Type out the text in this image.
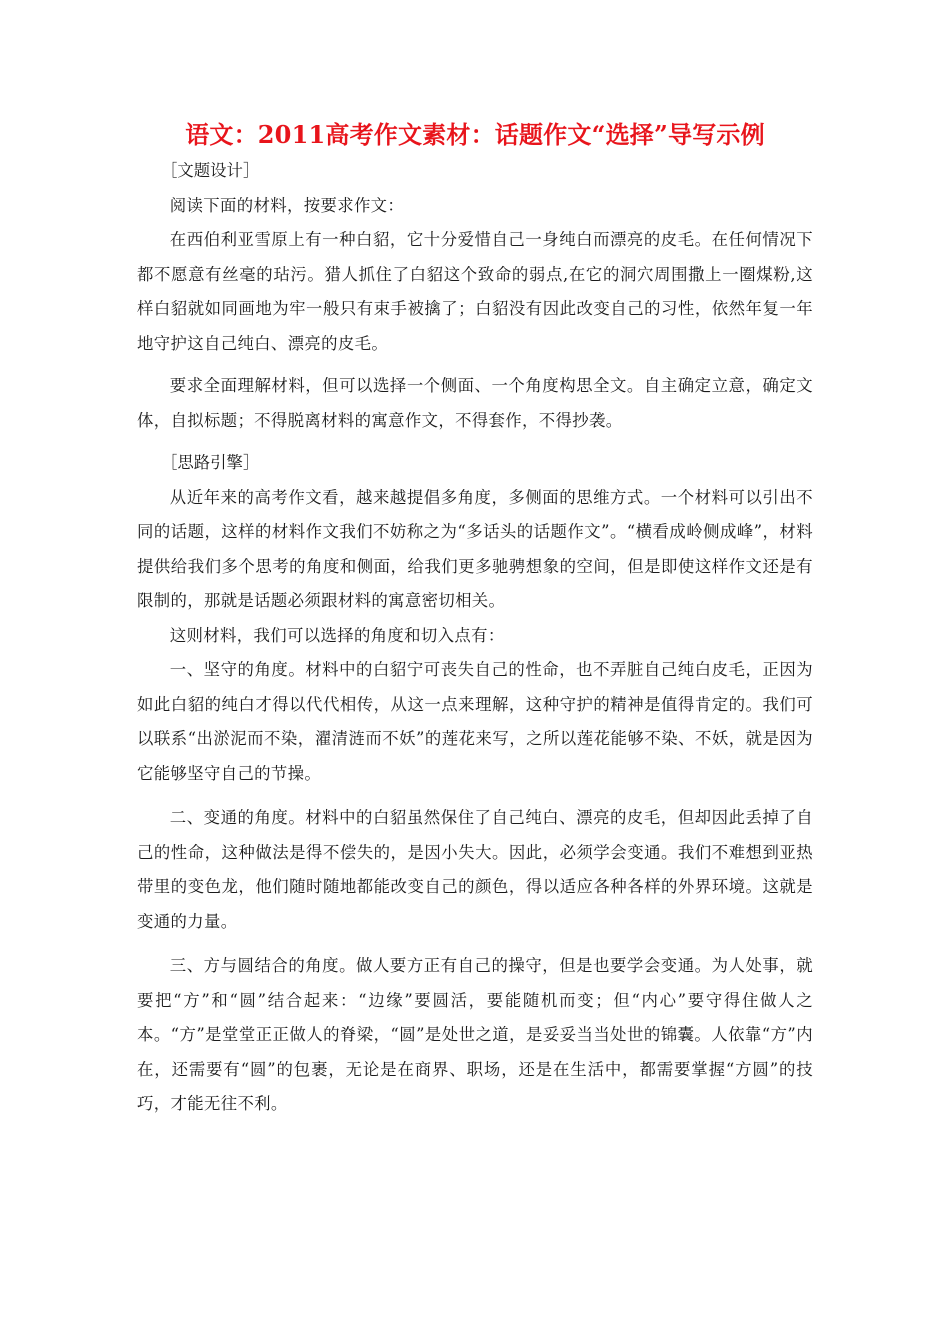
语文：2011高考作文素材：话题作文“选择”导写示例

［文题设计］

阅读下面的材料，按要求作文：

在西伯利亚雪原上有一种白貂，它十分爱惜自己一身纯白而漂亮的皮毛。在任何情况下都不愿意有丝毫的玷污。猎人抓住了白貂这个致命的弱点,在它的洞穴周围撒上一圈煤粉,这样白貂就如同画地为牢一般只有束手被擒了；白貂没有因此改变自己的习性，依然年复一年地守护这自己纯白、漂亮的皮毛。

要求全面理解材料，但可以选择一个侧面、一个角度构思全文。自主确定立意，确定文体，自拟标题；不得脱离材料的寓意作文，不得套作，不得抄袭。

［思路引擎］

从近年来的高考作文看，越来越提倡多角度，多侧面的思维方式。一个材料可以引出不同的话题，这样的材料作文我们不妨称之为“多话头的话题作文”。“横看成岭侧成峰”，材料提供给我们多个思考的角度和侧面，给我们更多驰骋想象的空间，但是即使这样作文还是有限制的，那就是话题必须跟材料的寓意密切相关。

这则材料，我们可以选择的角度和切入点有：

一、坚守的角度。材料中的白貂宁可丧失自己的性命，也不弄脏自己纯白皮毛，正因为如此白貂的纯白才得以代代相传，从这一点来理解，这种守护的精神是值得肯定的。我们可以联系“出淤泥而不染，濯清涟而不妖”的莲花来写，之所以莲花能够不染、不妖，就是因为它能够坚守自己的节操。

二、变通的角度。材料中的白貂虽然保住了自己纯白、漂亮的皮毛，但却因此丢掉了自己的性命，这种做法是得不偿失的，是因小失大。因此，必须学会变通。我们不难想到亚热带里的变色龙，他们随时随地都能改变自己的颜色，得以适应各种各样的外界环境。这就是变通的力量。

三、方与圆结合的角度。做人要方正有自己的操守，但是也要学会变通。为人处事，就要把“方”和“圆”结合起来：“边缘”要圆活，要能随机而变；但“内心”要守得住做人之本。“方”是堂堂正正做人的脊梁，“圆”是处世之道，是妥妥当当处世的锦囊。人依靠“方”内在，还需要有“圆”的包裹，无论是在商界、职场，还是在生活中，都需要掌握“方圆”的技巧，才能无往不利。
